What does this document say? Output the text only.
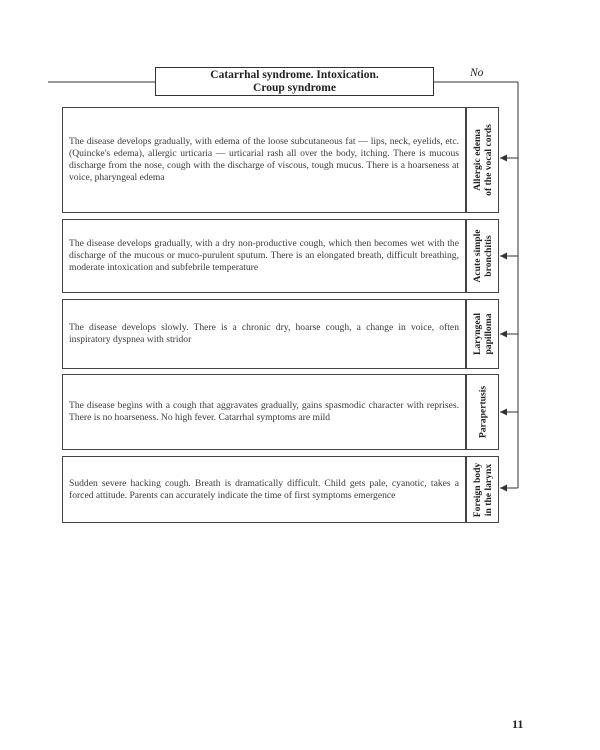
Catarrhal syndrome. Intoxication.
Croup syndrome
No
The disease develops gradually, with edema of the loose subcutaneous fat — lips, neck, eyelids, etc. (Quincke's edema), allergic urticaria — urticarial rash all over the body, itching. There is mucous discharge from the nose, cough with the discharge of viscous, tough mucus. There is a hoarseness at voice, pharyngeal edema	Allergic edema
of the vocal cords
The disease develops gradually, with a dry non-productive cough, which then becomes wet with the discharge of the mucous or muco-purulent sputum. There is an elongated breath, difficult breathing, moderate intoxication and subfebrile temperature	Acute simple
bronchitis
The disease develops slowly. There is a chronic dry, hoarse cough, a change in voice, often inspiratory dyspnea with stridor	Laryngeal
papilloma
The disease begins with a cough that aggravates gradually, gains spasmodic character with reprises. There is no hoarseness. No high fever. Catarrhal symptoms are mild	Parapertusis
Sudden severe hacking cough. Breath is dramatically difficult. Child gets pale, cyanotic, takes a forced attitude. Parents can accurately indicate the time of first symptoms emergence	Foreign body
in the larynx
11
